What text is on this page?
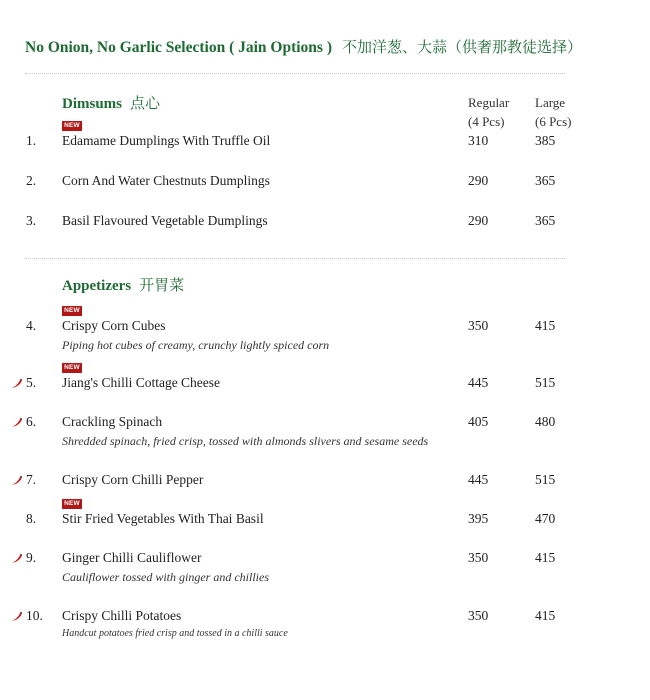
No Onion, No Garlic Selection ( Jain Options ) 不加洋葱、大蒜（供奢那教徒选择）
Dimsums 点心	Regular
(4 Pcs)
Large
(6 Pcs)
NEW
1. Edamame Dumplings With Truffle Oil	310	385
2. Corn And Water Chestnuts Dumplings	290	365
3. Basil Flavoured Vegetable Dumplings	290	365
Appetizers 开胃菜
NEW
4. Crispy Corn Cubes
Piping hot cubes of creamy, crunchy lightly spiced corn
350	415
NEW
5. Jiang's Chilli Cottage Cheese	445	515
6. Crackling Spinach
Shredded spinach, fried crisp, tossed with almonds slivers and sesame seeds
405	480
7. Crispy Corn Chilli Pepper	445	515
NEW
8. Stir Fried Vegetables With Thai Basil	395	470
9. Ginger Chilli Cauliflower
Cauliflower tossed with ginger and chillies
350	415
10. Crispy Chilli Potatoes
Handcut potatoes fried crisp and tossed in a chilli sauce
350	415
